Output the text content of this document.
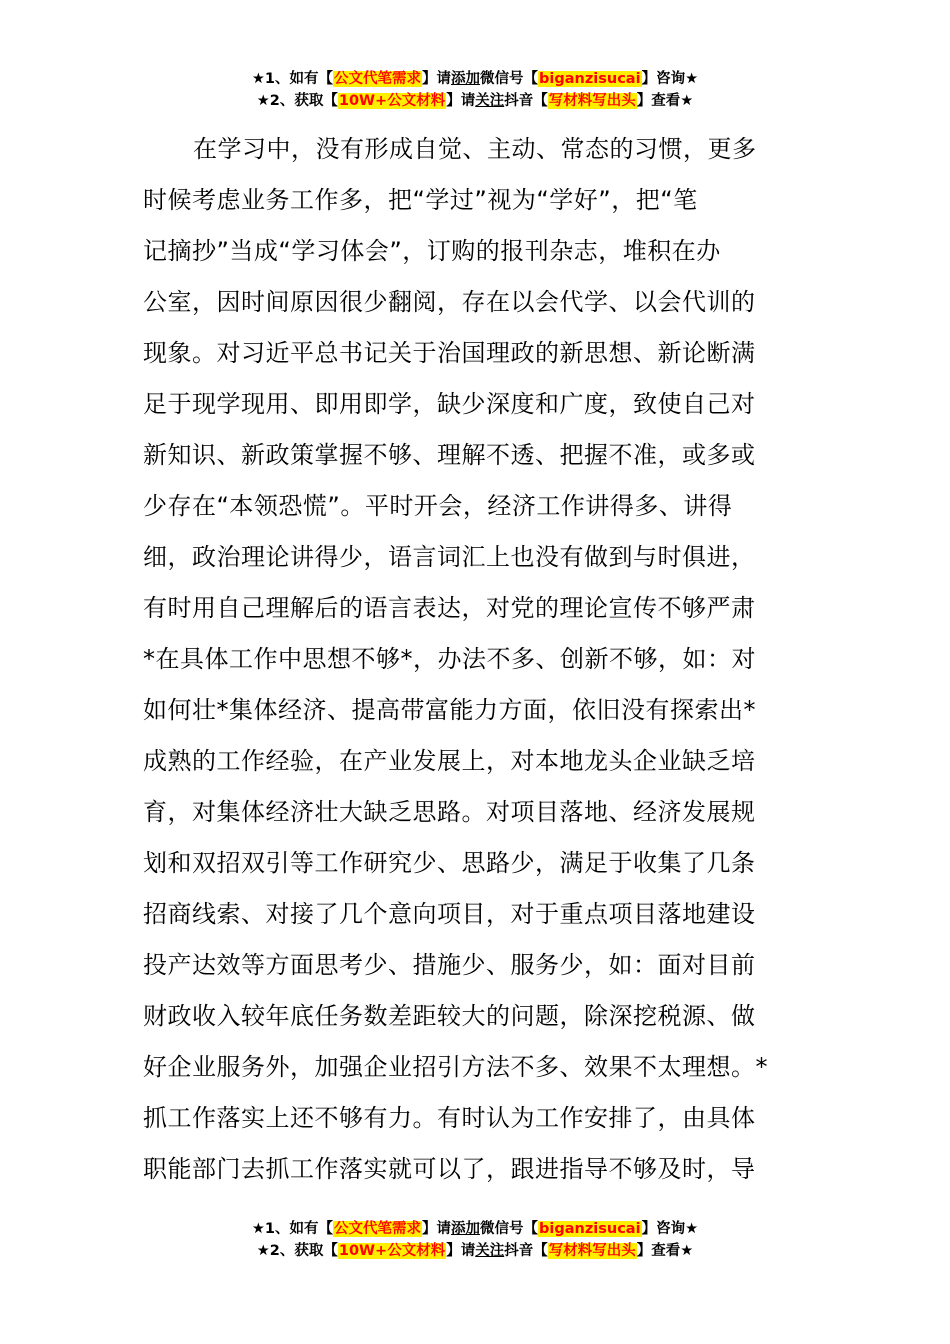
★1、如有【公文代笔需求】请添加微信号【biganzisucai】咨询★
★2、获取【10W+公文材料】请关注抖音【写材料写出头】查看★
在学习中，没有形成自觉、主动、常态的习惯，更多
时候考虑业务工作多，把“学过”视为“学好”，把“笔
记摘抄”当成“学习体会”，订购的报刊杂志，堆积在办
公室，因时间原因很少翻阅，存在以会代学、以会代训的
现象。对习近平总书记关于治国理政的新思想、新论断满
足于现学现用、即用即学，缺少深度和广度，致使自己对
新知识、新政策掌握不够、理解不透、把握不准，或多或
少存在“本领恐慌”。平时开会，经济工作讲得多、讲得
细，政治理论讲得少，语言词汇上也没有做到与时俱进，
有时用自己理解后的语言表达，对党的理论宣传不够严肃
*在具体工作中思想不够*，办法不多、创新不够，如：对
如何壮*集体经济、提高带富能力方面，依旧没有探索出*
成熟的工作经验，在产业发展上，对本地龙头企业缺乏培
育，对集体经济壮大缺乏思路。对项目落地、经济发展规
划和双招双引等工作研究少、思路少，满足于收集了几条
招商线索、对接了几个意向项目，对于重点项目落地建设
投产达效等方面思考少、措施少、服务少，如：面对目前
财政收入较年底任务数差距较大的问题，除深挖税源、做
好企业服务外，加强企业招引方法不多、效果不太理想。*
抓工作落实上还不够有力。有时认为工作安排了，由具体
职能部门去抓工作落实就可以了，跟进指导不够及时，导
★1、如有【公文代笔需求】请添加微信号【biganzisucai】咨询★
★2、获取【10W+公文材料】请关注抖音【写材料写出头】查看★
